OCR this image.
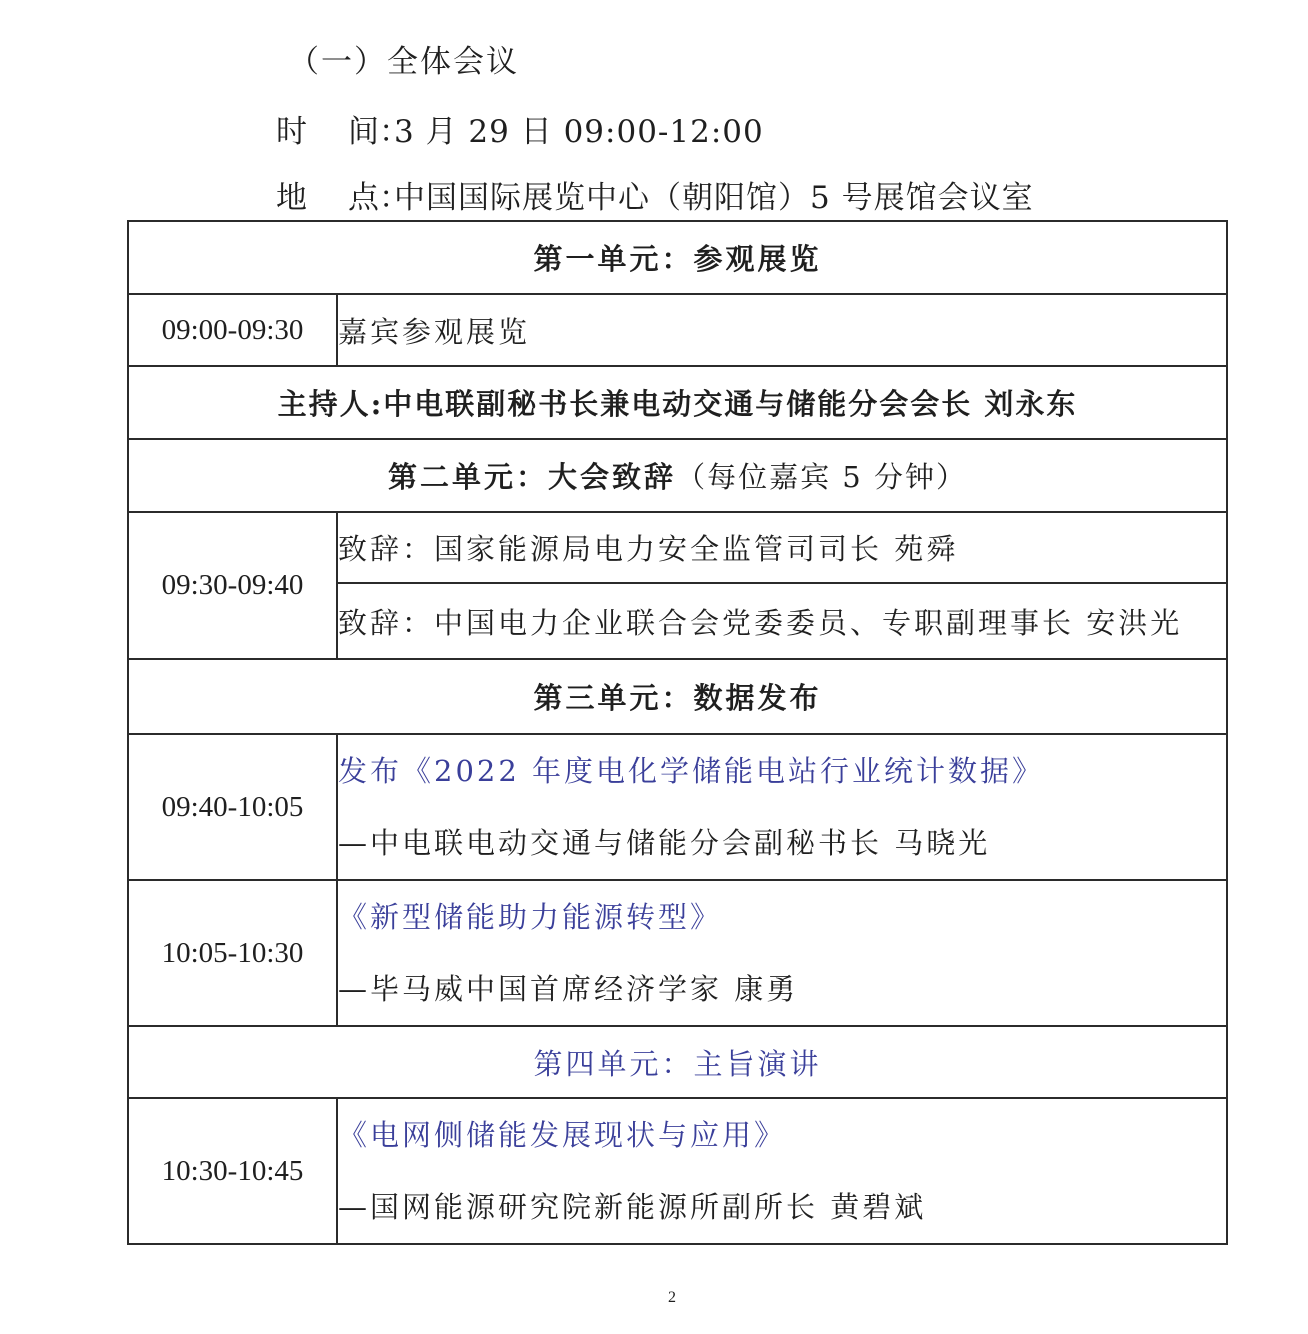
（一）全体会议
时 间：3 月 29 日 09:00-12:00
地 点：中国国际展览中心（朝阳馆）5 号展馆会议室
第一单元：参观展览	
09:00-09:30	嘉宾参观展览
主持人:中电联副秘书长兼电动交通与储能分会会长 刘永东	
第二单元：大会致辞（每位嘉宾 5 分钟）	
09:30-09:40	致辞：国家能源局电力安全监管司司长 苑舜
	致辞：中国电力企业联合会党委委员、专职副理事长 安洪光
第三单元：数据发布	
09:40-10:05	发布《2022 年度电化学储能电站行业统计数据》
—中电联电动交通与储能分会副秘书长 马晓光

10:05-10:30	《新型储能助力能源转型》
—毕马威中国首席经济学家 康勇

第四单元：主旨演讲	
10:30-10:45	《电网侧储能发展现状与应用》
—国网能源研究院新能源所副所长 黄碧斌
2
